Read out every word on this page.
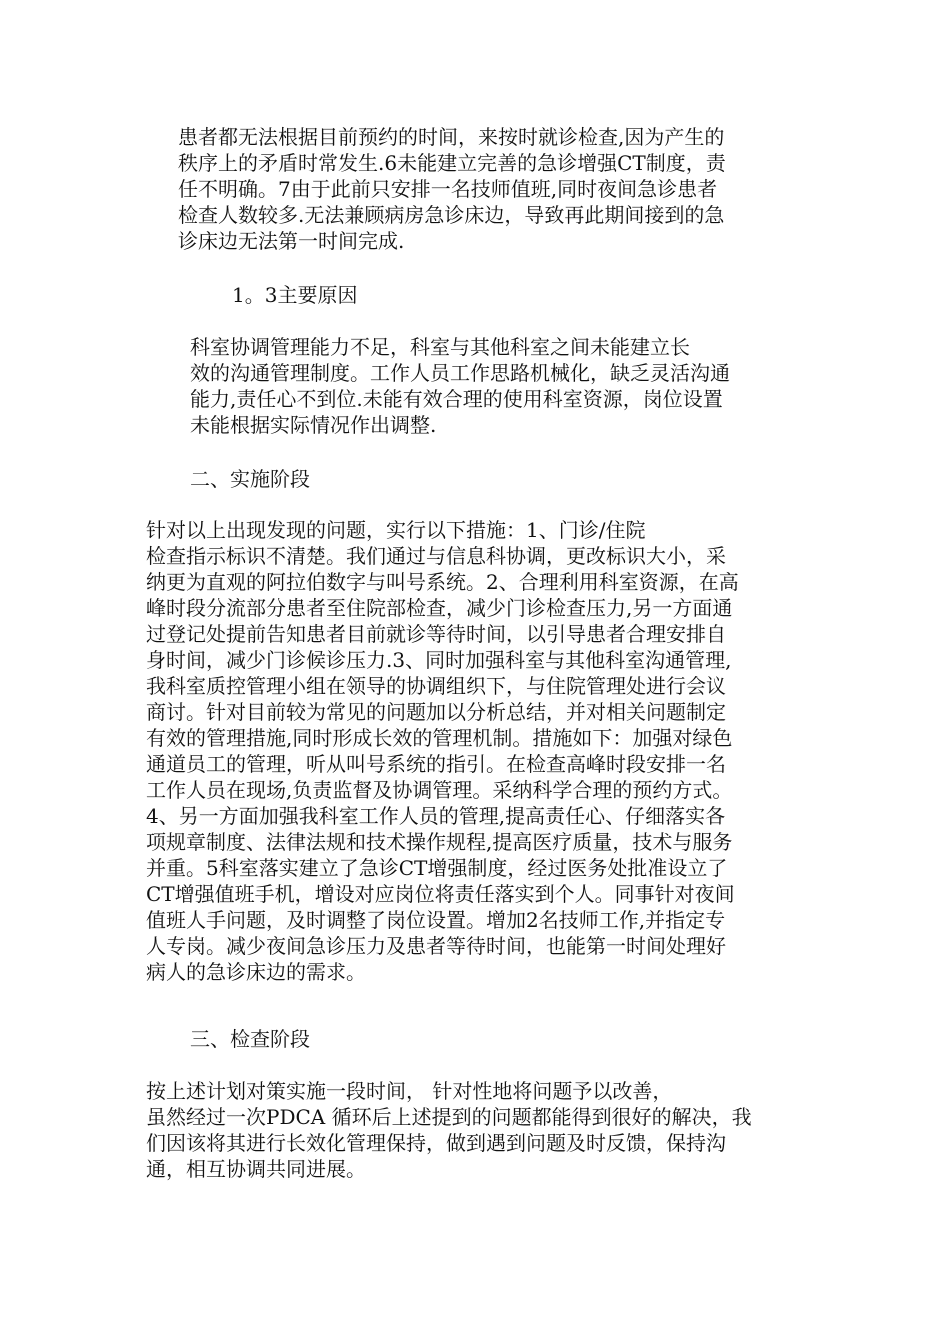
患者都无法根据目前预约的时间，来按时就诊检查,因为产生的
秩序上的矛盾时常发生.6未能建立完善的急诊增强CT制度，责
任不明确。7由于此前只安排一名技师值班,同时夜间急诊患者
检查人数较多.无法兼顾病房急诊床边，导致再此期间接到的急
诊床边无法第一时间完成.

1。3主要原因

科室协调管理能力不足，科室与其他科室之间未能建立长
效的沟通管理制度。工作人员工作思路机械化，缺乏灵活沟通
能力,责任心不到位.未能有效合理的使用科室资源，岗位设置
未能根据实际情况作出调整.

二、实施阶段

针对以上出现发现的问题，实行以下措施：1、门诊/住院
检查指示标识不清楚。我们通过与信息科协调，更改标识大小，采
纳更为直观的阿拉伯数字与叫号系统。2、合理利用科室资源，在高
峰时段分流部分患者至住院部检查，减少门诊检查压力,另一方面通
过登记处提前告知患者目前就诊等待时间，以引导患者合理安排自
身时间，减少门诊候诊压力.3、同时加强科室与其他科室沟通管理,
我科室质控管理小组在领导的协调组织下，与住院管理处进行会议
商讨。针对目前较为常见的问题加以分析总结，并对相关问题制定
有效的管理措施,同时形成长效的管理机制。措施如下：加强对绿色
通道员工的管理，听从叫号系统的指引。在检查高峰时段安排一名
工作人员在现场,负责监督及协调管理。采纳科学合理的预约方式。
4、另一方面加强我科室工作人员的管理,提高责任心、仔细落实各
项规章制度、法律法规和技术操作规程,提高医疗质量，技术与服务
并重。5科室落实建立了急诊CT增强制度，经过医务处批准设立了
CT增强值班手机，增设对应岗位将责任落实到个人。同事针对夜间
值班人手问题，及时调整了岗位设置。增加2名技师工作,并指定专
人专岗。减少夜间急诊压力及患者等待时间，也能第一时间处理好
病人的急诊床边的需求。

三、检查阶段

按上述计划对策实施一段时间， 针对性地将问题予以改善，
虽然经过一次PDCA 循环后上述提到的问题都能得到很好的解决，我
们因该将其进行长效化管理保持，做到遇到问题及时反馈，保持沟
通，相互协调共同进展。
